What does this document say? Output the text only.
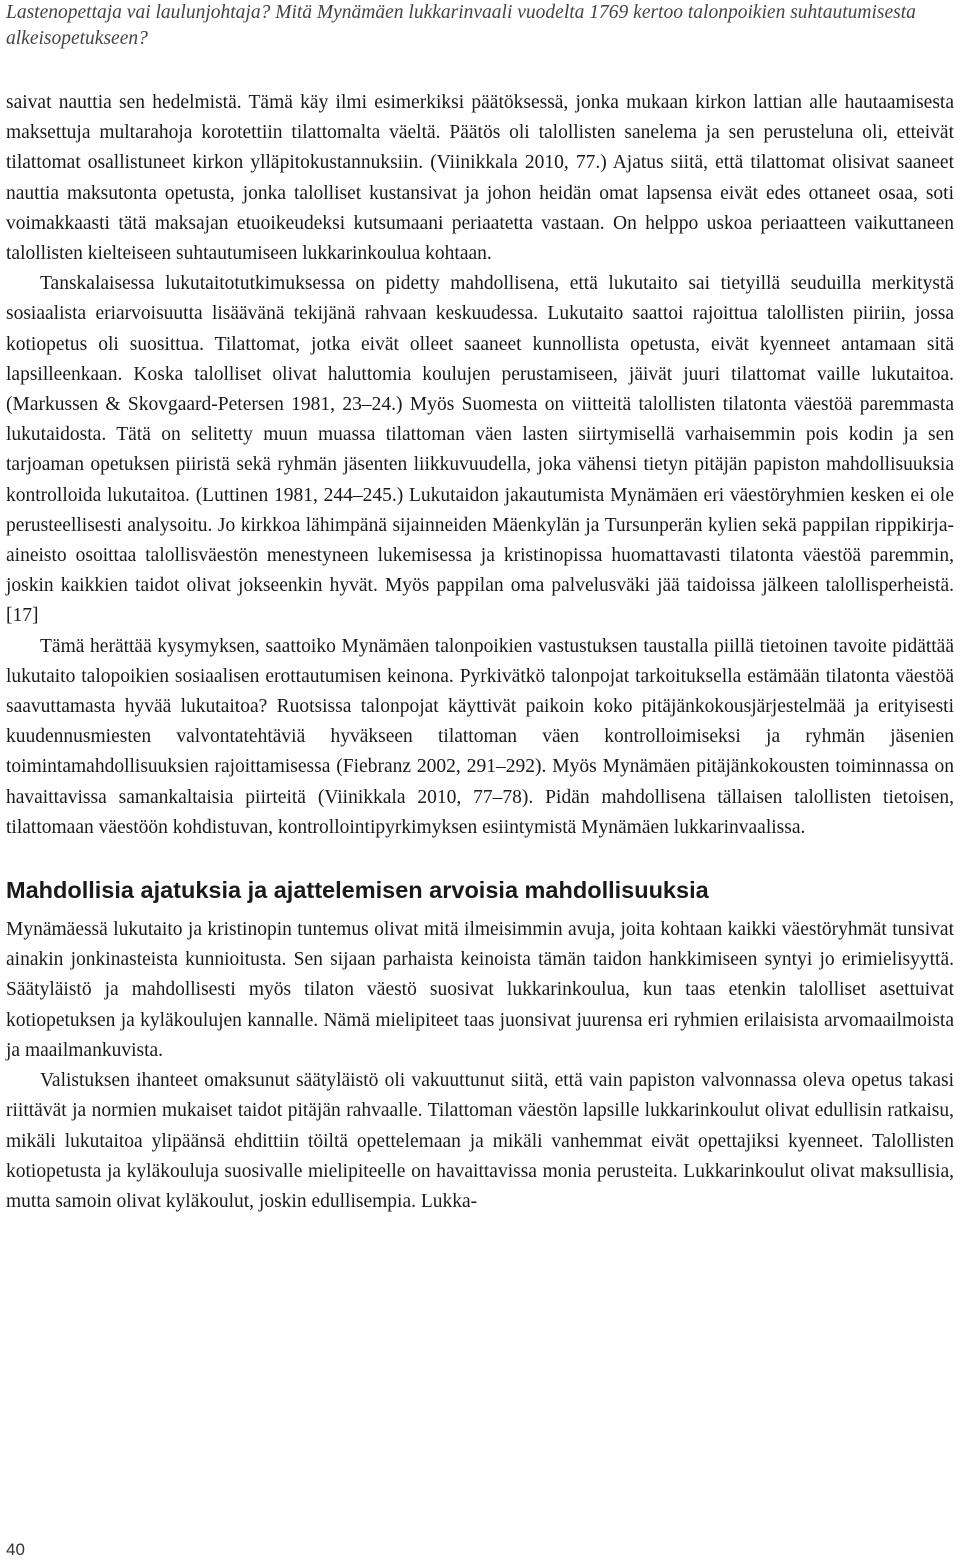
Lastenopettaja vai laulunjohtaja? Mitä Mynämäen lukkarinvaali vuodelta 1769 kertoo talonpoikien suhtautumisesta alkeisopetukseen?

saivat nauttia sen hedelmistä. Tämä käy ilmi esimerkiksi päätöksessä, jonka mukaan kirkon lattian alle hautaamisesta maksettuja multarahoja korotettiin tilattomalta väeltä. Päätös oli talollisten sanelema ja sen perusteluna oli, etteivät tilattomat osallistuneet kirkon ylläpitokustannuksiin. (Viinikkala 2010, 77.) Ajatus siitä, että tilattomat olisivat saaneet nauttia maksutonta opetusta, jonka talolliset kustansivat ja johon heidän omat lapsensa eivät edes ottaneet osaa, soti voimakkaasti tätä maksajan etuoikeudeksi kutsumaani periaatetta vastaan. On helppo uskoa periaatteen vaikuttaneen talollisten kielteiseen suhtautumiseen lukkarinkoulua kohtaan.

Tanskalaisessa lukutaitotutkimuksessa on pidetty mahdollisena, että lukutaito sai tietyillä seuduilla merkitystä sosiaalista eriarvoisuutta lisäävänä tekijänä rahvaan keskuudessa. Lukutaito saattoi rajoittua talollisten piiriin, jossa kotiopetus oli suosittua. Tilattomat, jotka eivät olleet saaneet kunnollista opetusta, eivät kyenneet antamaan sitä lapsilleenkaan. Koska talolliset olivat haluttomia koulujen perustamiseen, jäivät juuri tilattomat vaille lukutaitoa. (Markussen & Skovgaard-Petersen 1981, 23–24.) Myös Suomesta on viitteitä talollisten tilatonta väestöä paremmasta lukutaidosta. Tätä on selitetty muun muassa tilattoman väen lasten siirtymisellä varhaisemmin pois kodin ja sen tarjoaman opetuksen piiristä sekä ryhmän jäsenten liikkuvuudella, joka vähensi tietyn pitäjän papiston mahdollisuuksia kontrolloida lukutaitoa. (Luttinen 1981, 244–245.) Lukutaidon jakautumista Mynämäen eri väestöryhmien kesken ei ole perusteellisesti analysoitu. Jo kirkkoa lähimpänä sijainneiden Mäenkylän ja Tursunperän kylien sekä pappilan rippikirja-aineisto osoittaa talollisväestön menestyneen lukemisessa ja kristinopissa huomattavasti tilatonta väestöä paremmin, joskin kaikkien taidot olivat jokseenkin hyvät. Myös pappilan oma palvelusväki jää taidoissa jälkeen talollisperheistä. [17]

Tämä herättää kysymyksen, saattoiko Mynämäen talonpoikien vastustuksen taustalla piillä tietoinen tavoite pidättää lukutaito talopoikien sosiaalisen erottautumisen keinona. Pyrkivätkö talonpojat tarkoituksella estämään tilatonta väestöä saavuttamasta hyvää lukutaitoa? Ruotsissa talonpojat käyttivät paikoin koko pitäjänkokousjärjestelmää ja erityisesti kuudennusmiesten valvontatehtäviä hyväkseen tilattoman väen kontrolloimiseksi ja ryhmän jäsenien toimintamahdollisuuksien rajoittamisessa (Fiebranz 2002, 291–292). Myös Mynämäen pitäjänkokousten toiminnassa on havaittavissa samankaltaisia piirteitä (Viinikkala 2010, 77–78). Pidän mahdollisena tällaisen talollisten tietoisen, tilattomaan väestöön kohdistuvan, kontrollointipyrkimyksen esiintymistä Mynämäen lukkarinvaalissa.

Mahdollisia ajatuksia ja ajattelemisen arvoisia mahdollisuuksia

Mynämäessä lukutaito ja kristinopin tuntemus olivat mitä ilmeisimmin avuja, joita kohtaan kaikki väestöryhmät tunsivat ainakin jonkinasteista kunnioitusta. Sen sijaan parhaista keinoista tämän taidon hankkimiseen syntyi jo erimielisyyttä. Säätyläistö ja mahdollisesti myös tilaton väestö suosivat lukkarinkoulua, kun taas etenkin talolliset asettuivat kotiopetuksen ja kyläkoulujen kannalle. Nämä mielipiteet taas juonsivat juurensa eri ryhmien erilaisista arvomaailmoista ja maailmankuvista.

Valistuksen ihanteet omaksunut säätyläistö oli vakuuttunut siitä, että vain papiston valvonnassa oleva opetus takasi riittävät ja normien mukaiset taidot pitäjän rahvaalle. Tilattoman väestön lapsille lukkarinkoulut olivat edullisin ratkaisu, mikäli lukutaitoa ylipäänsä ehdittiin töiltä opettelemaan ja mikäli vanhemmat eivät opettajiksi kyenneet. Talollisten kotiopetusta ja kyläkouluja suosivalle mielipiteelle on havaittavissa monia perusteita. Lukkarinkoulut olivat maksullisia, mutta samoin olivat kyläkoulut, joskin edullisempia. Lukka-

40
